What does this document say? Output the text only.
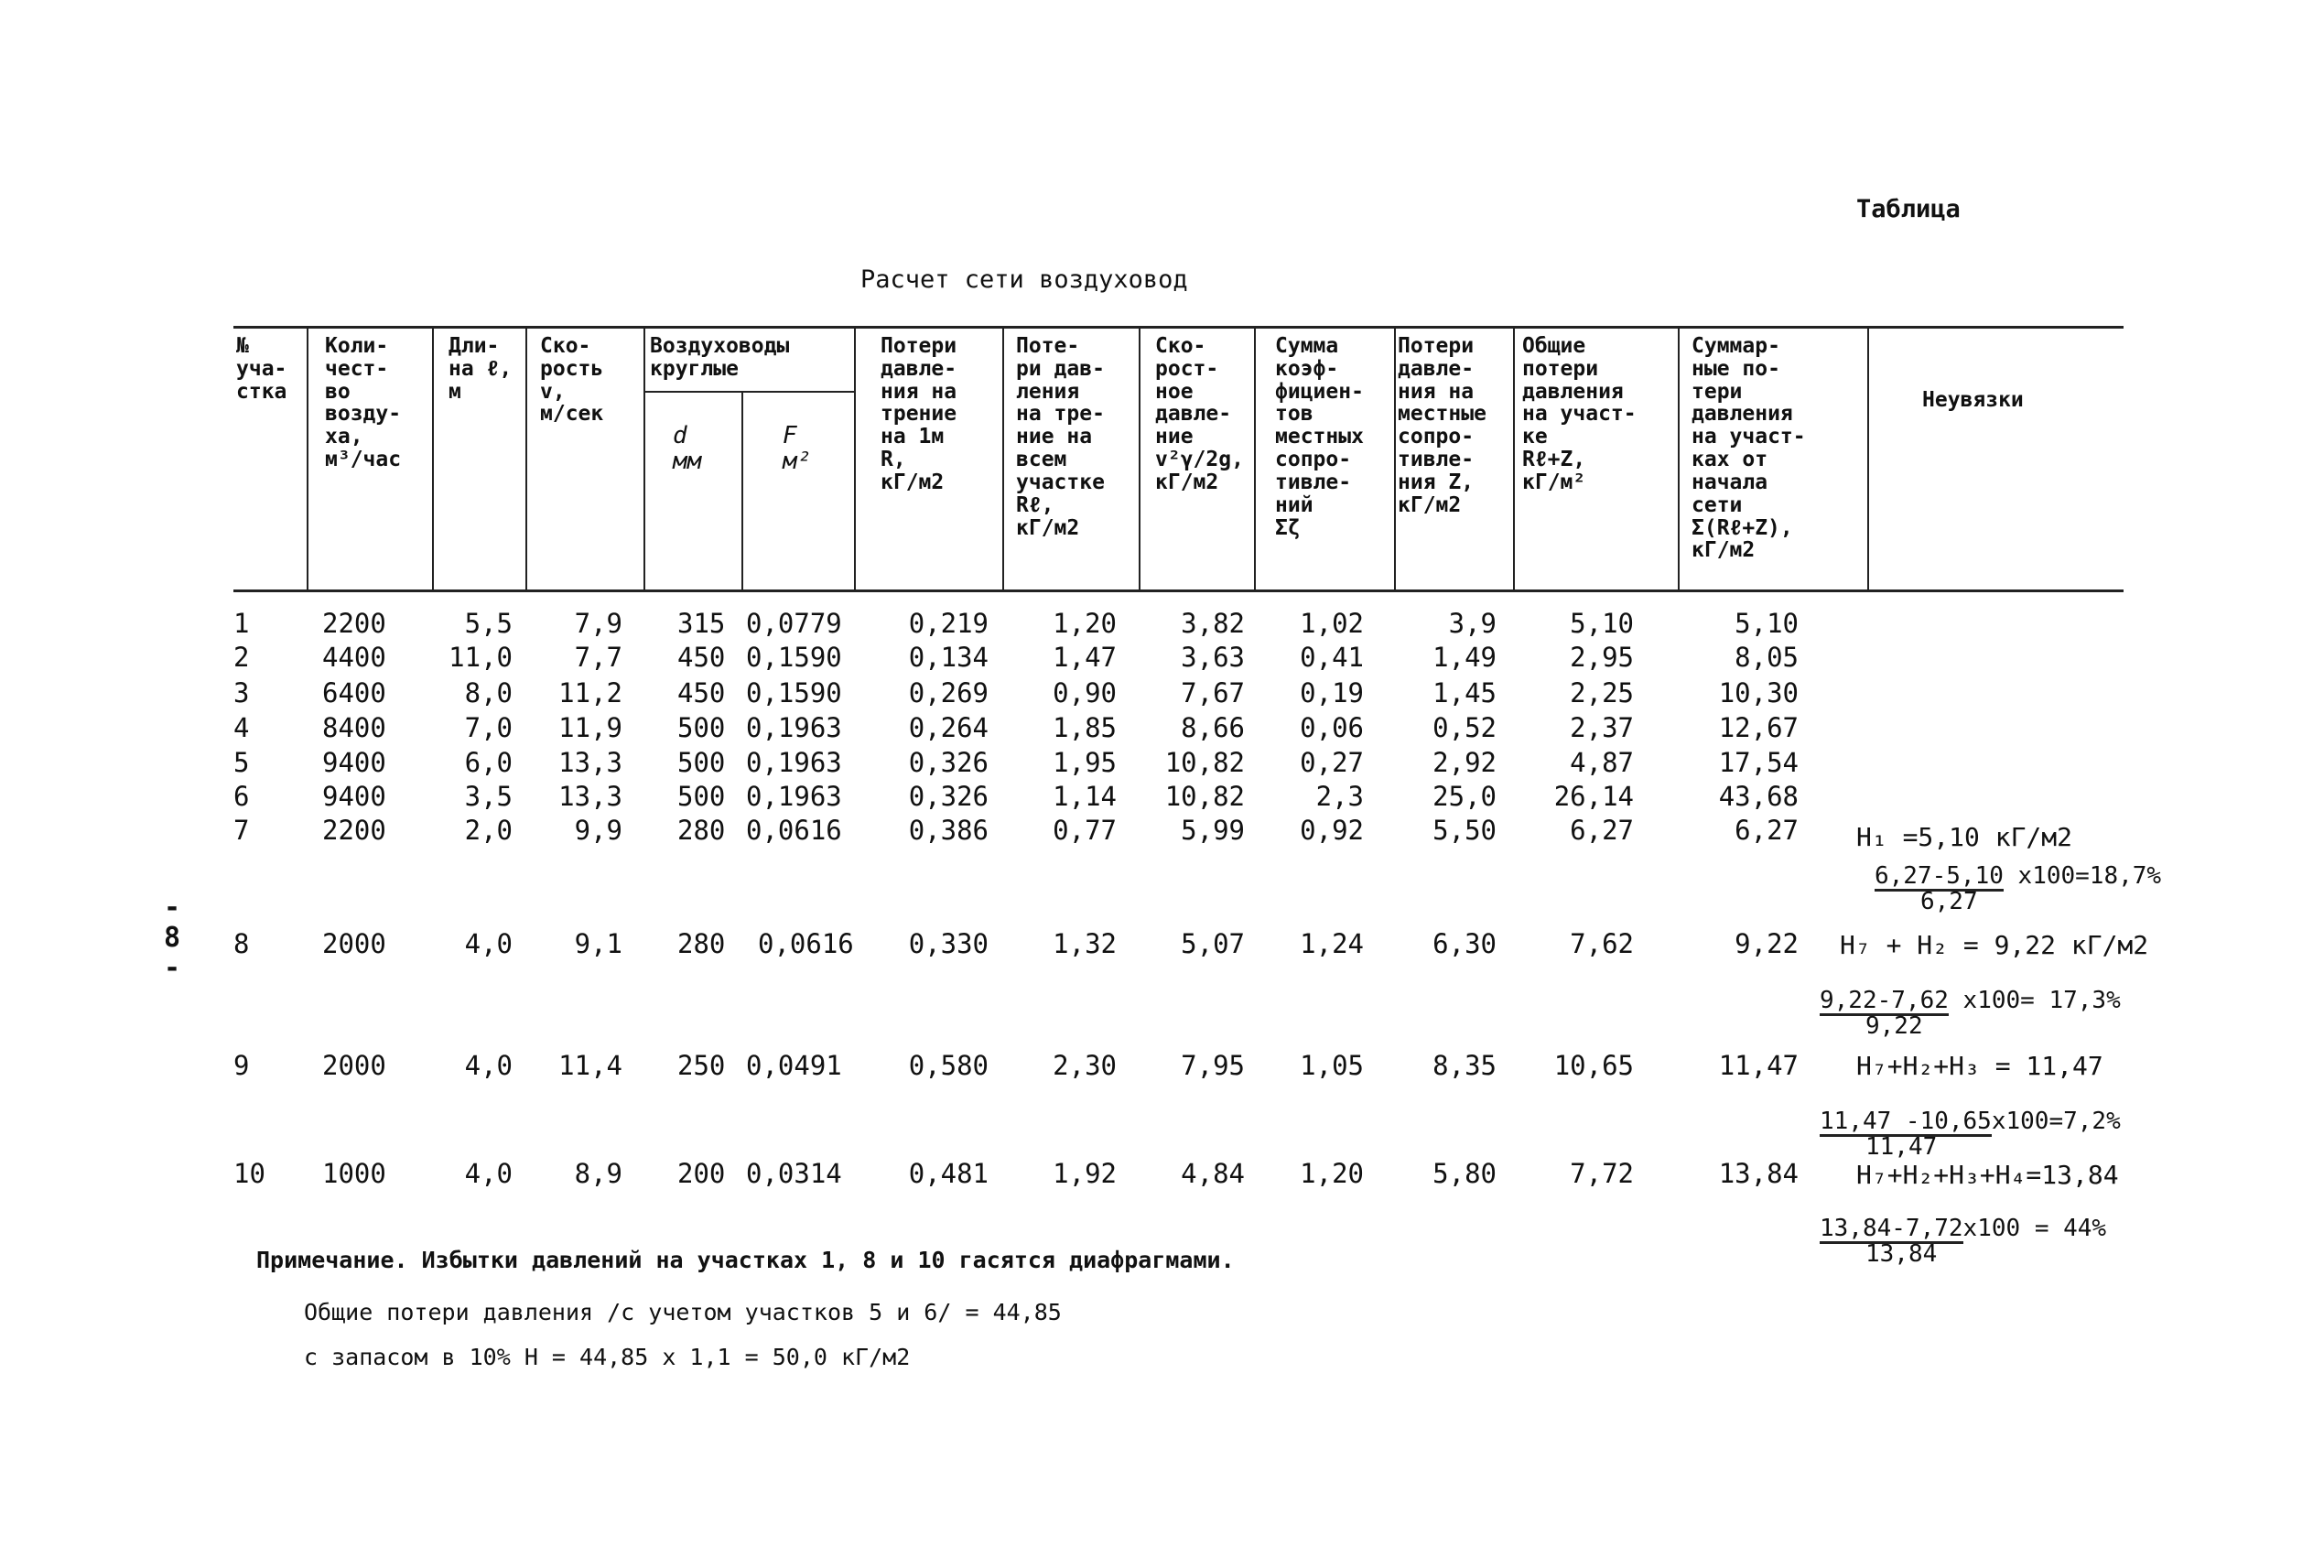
Таблица
Расчет сети воздуховод
- 8 -
№
уча-
стка
Коли-
чест-
во
возду-
ха,
м³/час
Дли-
на ℓ,
м
Ско-
рость
v,
м/сек
Воздуховоды
круглые
d
мм
F
м²
Потери
давле-
ния на
трение
на 1м
R,
кГ/м2
Поте-
ри дав-
ления
на тре-
ние на
всем
участке
Rℓ,
кГ/м2
Ско-
рост-
ное
давле-
ние
v²γ/2g,
кГ/м2
Сумма
коэф-
фициен-
тов
местных
сопро-
тивле-
ний
Σζ
Потери
давле-
ния на
местные
сопро-
тивле-
ния Z,
кГ/м2
Общие
потери
давления
на участ-
ке
Rℓ+Z,
кГ/м²
Суммар-
ные по-
тери
давления
на участ-
ках от
начала
сети
Σ(Rℓ+Z),
кГ/м2
Неувязки
1	2200	5,5	7,9 315 0,0779	0,219	1,20	3,82	1,02	3,9	5,10	5,10
2	4400	11,0	7,7 450 0,1590	0,134	1,47	3,63	0,41	1,49	2,95	8,05
3	6400	8,0	11,2 450 0,1590	0,269	0,90	7,67	0,19	1,45	2,25	10,30
4	8400	7,0	11,9 500 0,1963	0,264	1,85	8,66	0,06	0,52	2,37	12,67
5	9400	6,0	13,3 500 0,1963	0,326	1,95	10,82	0,27	2,92	4,87	17,54
6	9400	3,5	13,3 500 0,1963	0,326	1,14	10,82	2,3	25,0	26,14	43,68
7	2200	2,0	9,9 280 0,0616	0,386	0,77	5,99	0,92	5,50	6,27	6,27
8	2000	4,0	9,1 280 0,0616	0,330	1,32	5,07	1,24	6,30	7,62	9,22
9	2000	4,0	11,4 250 0,0491	0,580	2,30	7,95	1,05	8,35	10,65	11,47
10 1000	4,0	8,9 200 0,0314	0,481	1,92	4,84	1,20	5,80	7,72	13,84
H₁ =5,10 кГ/м2
6,27-5,10 x100=18,7%
6,27
H₇ + H₂ = 9,22 кГ/м2
9,22-7,62 x100= 17,3%
9,22
H₇+H₂+H₃ = 11,47
11,47 -10,65x100=7,2%
11,47
H₇+H₂+H₃+H₄=13,84
13,84-7,72x100 = 44%
13,84
Примечание. Избытки давлений на участках 1, 8 и 10 гасятся диафрагмами.
Общие потери давления /с учетом участков 5 и 6/ = 44,85
с запасом в 10% Н = 44,85 х 1,1 = 50,0 кГ/м2
